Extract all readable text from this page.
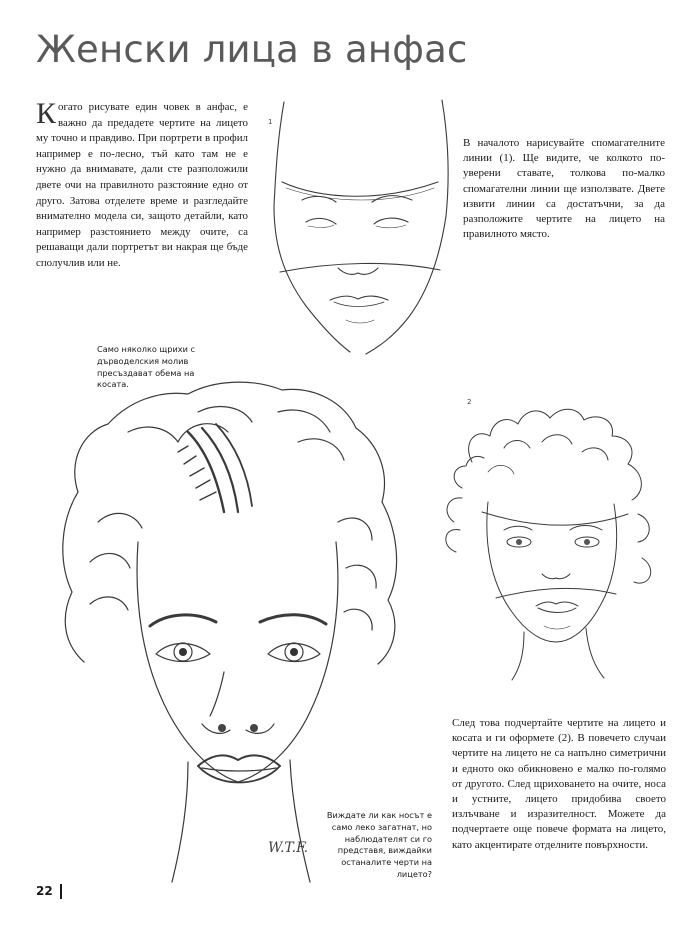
Женски лица в анфас

Когато рисувате един човек в анфас, е важно да предадете чертите на лицето му точно и правдиво. При портрети в профил например е по-лесно, тъй като там не е нужно да внимавате, дали сте разположили двете очи на правилното разстояние едно от друго. Затова отделете време и разгледайте внимателно модела си, защото детайли, като например разстоянието между очите, са решаващи дали портретът ви накрая ще бъде сполучлив или не.

1

В началото нарисувайте спомагателните линии (1). Ще видите, че колкото по-уверени ставате, толкова по-малко спомагателни линии ще използвате. Двете извити линии са достатъчни, за да разположите чертите на лицето на правилното място.

Само няколко щрихи с дърводелския молив пресъздават обема на косата.

2
W.T.F.

Виждате ли как носът е само леко загатнат, но наблюдателят си го представя, виждайки останалите черти на лицето?

След това подчертайте чертите на лицето и косата и ги оформете (2). В повечето случаи чертите на лицето не са напълно симетрични и едното око обикновено е малко по-голямо от другото. След щриховането на очите, носа и устните, лицето придобива своето излъчване и изразителност. Можете да подчертаете още повече формата на лицето, като акцентирате отделните повърхности.

22
